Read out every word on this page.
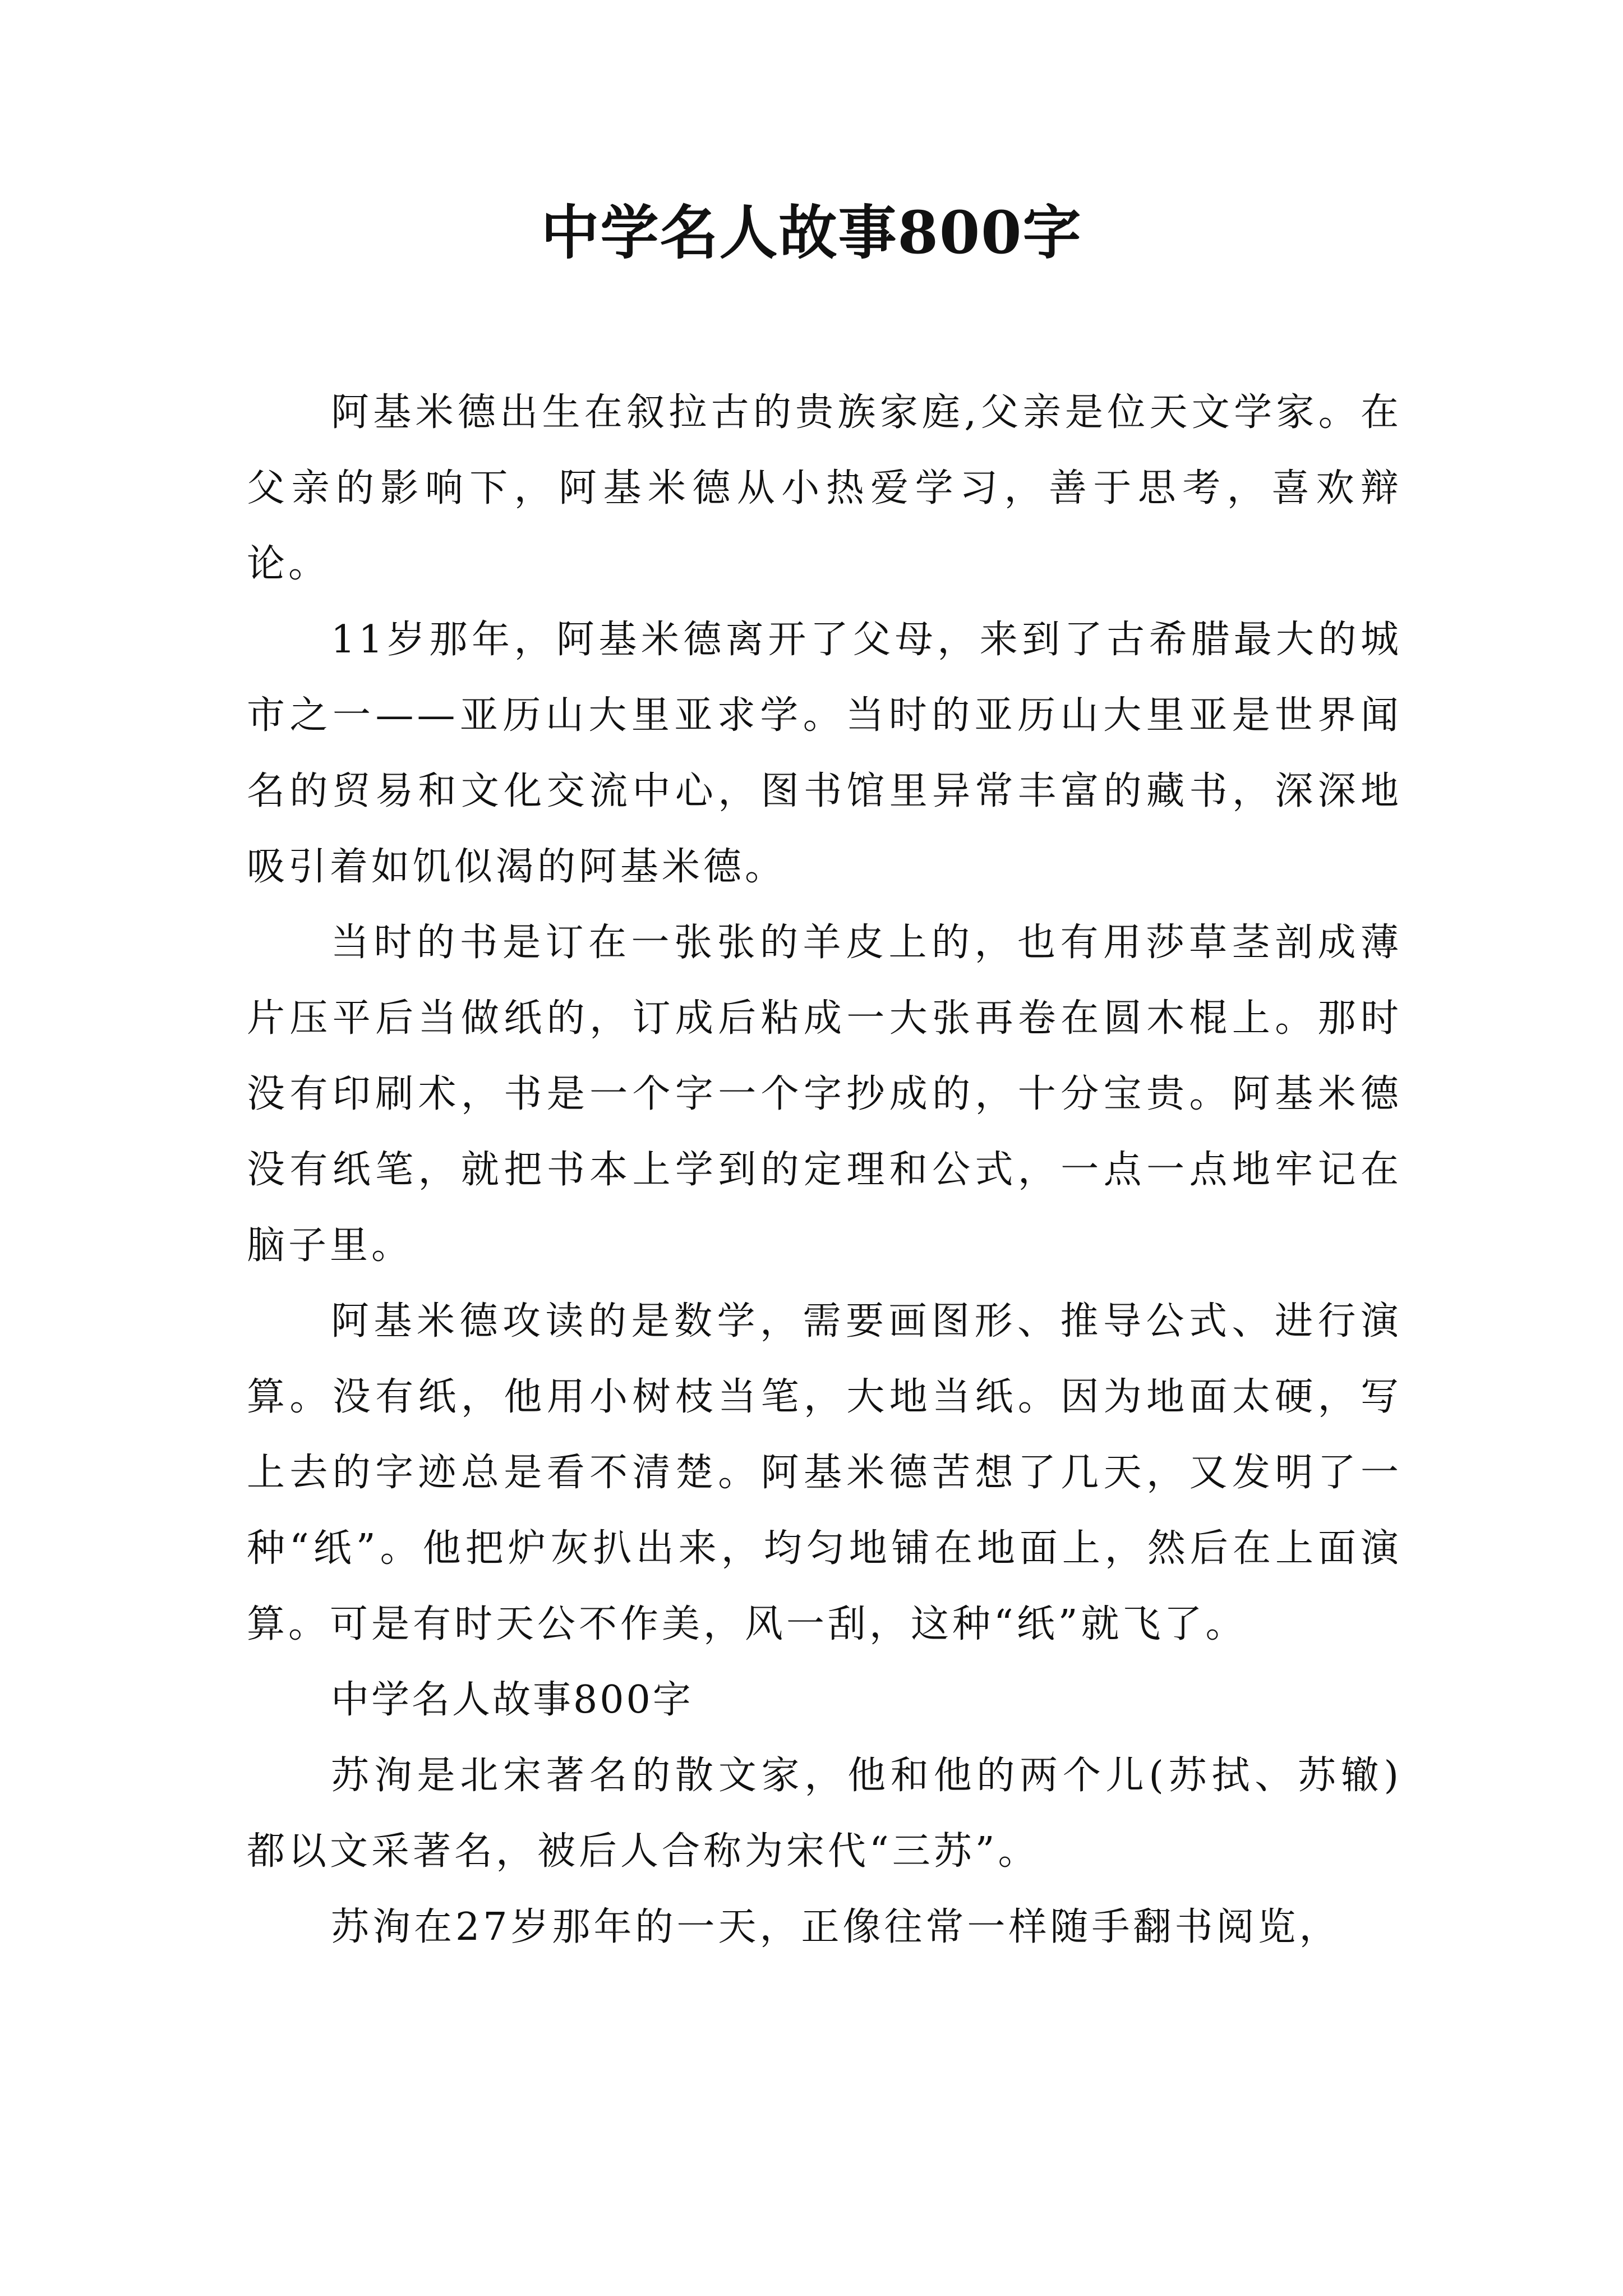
中学名人故事800字

阿基米德出生在叙拉古的贵族家庭,父亲是位天文学家。在父亲的影响下，阿基米德从小热爱学习，善于思考，喜欢辩论。

11岁那年，阿基米德离开了父母，来到了古希腊最大的城市之一——亚历山大里亚求学。当时的亚历山大里亚是世界闻名的贸易和文化交流中心，图书馆里异常丰富的藏书，深深地吸引着如饥似渴的阿基米德。

当时的书是订在一张张的羊皮上的，也有用莎草茎剖成薄片压平后当做纸的，订成后粘成一大张再卷在圆木棍上。那时没有印刷术，书是一个字一个字抄成的，十分宝贵。阿基米德没有纸笔，就把书本上学到的定理和公式，一点一点地牢记在脑子里。

阿基米德攻读的是数学，需要画图形、推导公式、进行演算。没有纸，他用小树枝当笔，大地当纸。因为地面太硬，写上去的字迹总是看不清楚。阿基米德苦想了几天，又发明了一种“纸”。他把炉灰扒出来，均匀地铺在地面上，然后在上面演算。可是有时天公不作美，风一刮，这种“纸”就飞了。

中学名人故事800字

苏洵是北宋著名的散文家，他和他的两个儿(苏拭、苏辙)都以文采著名，被后人合称为宋代“三苏”。

苏洵在27岁那年的一天，正像往常一样随手翻书阅览，
